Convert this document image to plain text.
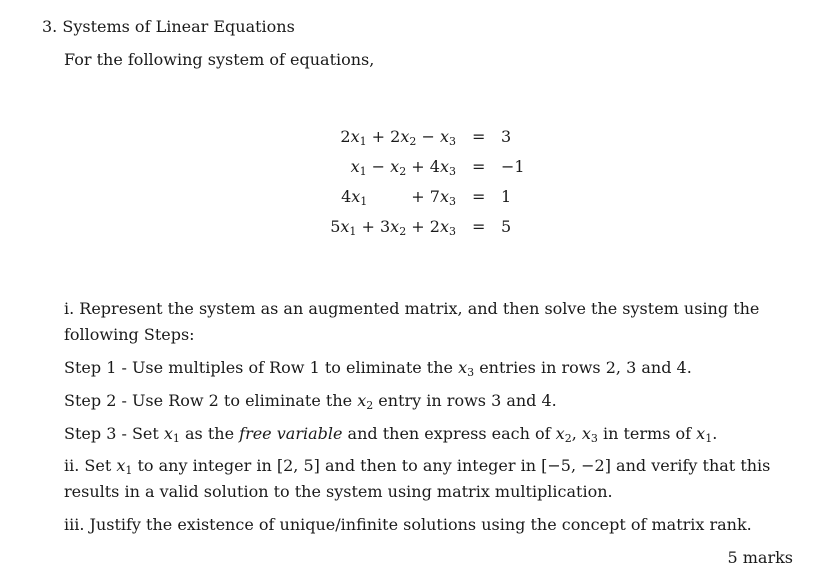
3. Systems of Linear Equations
For the following system of equations,
$2x_1 + 2x_2 - x_3 = 3$
$x_1 - x_2 + 4x_3 = -1$
$4x_1$	+ $7x_3 = 1$
$5x_1 + 3x_2 + 2x_3 = 5$
i. Represent the system as an augmented matrix, and then solve the system using the following Steps:
Step 1 - Use multiples of Row 1 to eliminate the $x_3$ entries in rows 2, 3 and 4.
Step 2 - Use Row 2 to eliminate the $x_2$ entry in rows 3 and 4.
Step 3 - Set $x_1$ as the free variable and then express each of $x_2$, $x_3$ in terms of $x_1$.
ii. Set $x_1$ to any integer in [2, 5] and then to any integer in [−5, −2] and verify that this results in a valid solution to the system using matrix multiplication.
iii. Justify the existence of unique/infinite solutions using the concept of matrix rank.
5 marks
